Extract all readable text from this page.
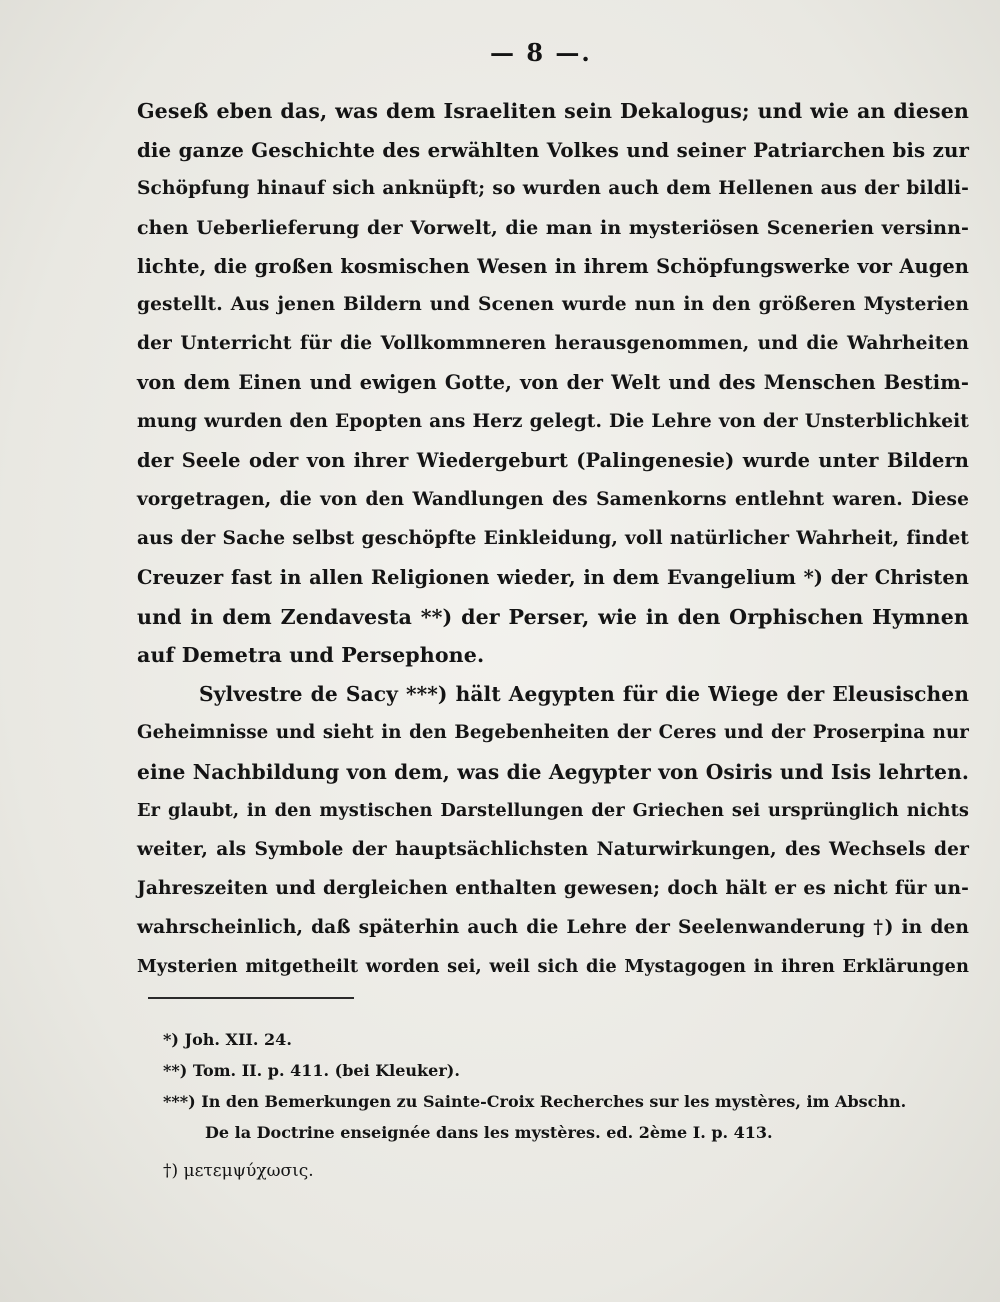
— 8 —.
Geseß eben das, was dem Israeliten sein Dekalogus; und wie an diesen
die ganze Geschichte des erwählten Volkes und seiner Patriarchen bis zur
Schöpfung hinauf sich anknüpft; so wurden auch dem Hellenen aus der bildli-
chen Ueberlieferung der Vorwelt, die man in mysteriösen Scenerien versinn-
lichte, die großen kosmischen Wesen in ihrem Schöpfungswerke vor Augen
gestellt. Aus jenen Bildern und Scenen wurde nun in den größeren Mysterien
der Unterricht für die Vollkommneren herausgenommen, und die Wahrheiten
von dem Einen und ewigen Gotte, von der Welt und des Menschen Bestim-
mung wurden den Epopten ans Herz gelegt. Die Lehre von der Unsterblichkeit
der Seele oder von ihrer Wiedergeburt (Palingenesie) wurde unter Bildern
vorgetragen, die von den Wandlungen des Samenkorns entlehnt waren. Diese
aus der Sache selbst geschöpfte Einkleidung, voll natürlicher Wahrheit, findet
Creuzer fast in allen Religionen wieder, in dem Evangelium *) der Christen
und in dem Zendavesta **) der Perser, wie in den Orphischen Hymnen
auf Demetra und Persephone.
Sylvestre de Sacy ***) hält Aegypten für die Wiege der Eleusischen
Geheimnisse und sieht in den Begebenheiten der Ceres und der Proserpina nur
eine Nachbildung von dem, was die Aegypter von Osiris und Isis lehrten.
Er glaubt, in den mystischen Darstellungen der Griechen sei ursprünglich nichts
weiter, als Symbole der hauptsächlichsten Naturwirkungen, des Wechsels der
Jahreszeiten und dergleichen enthalten gewesen; doch hält er es nicht für un-
wahrscheinlich, daß späterhin auch die Lehre der Seelenwanderung †) in den
Mysterien mitgetheilt worden sei, weil sich die Mystagogen in ihren Erklärungen
*) Joh. XII. 24.
**) Tom. II. p. 411. (bei Kleuker).
***) In den Bemerkungen zu Sainte-Croix Recherches sur les mystères, im Abschn.
De la Doctrine enseignée dans les mystères. ed. 2ème I. p. 413.
†) μετεμψύχωσις.
